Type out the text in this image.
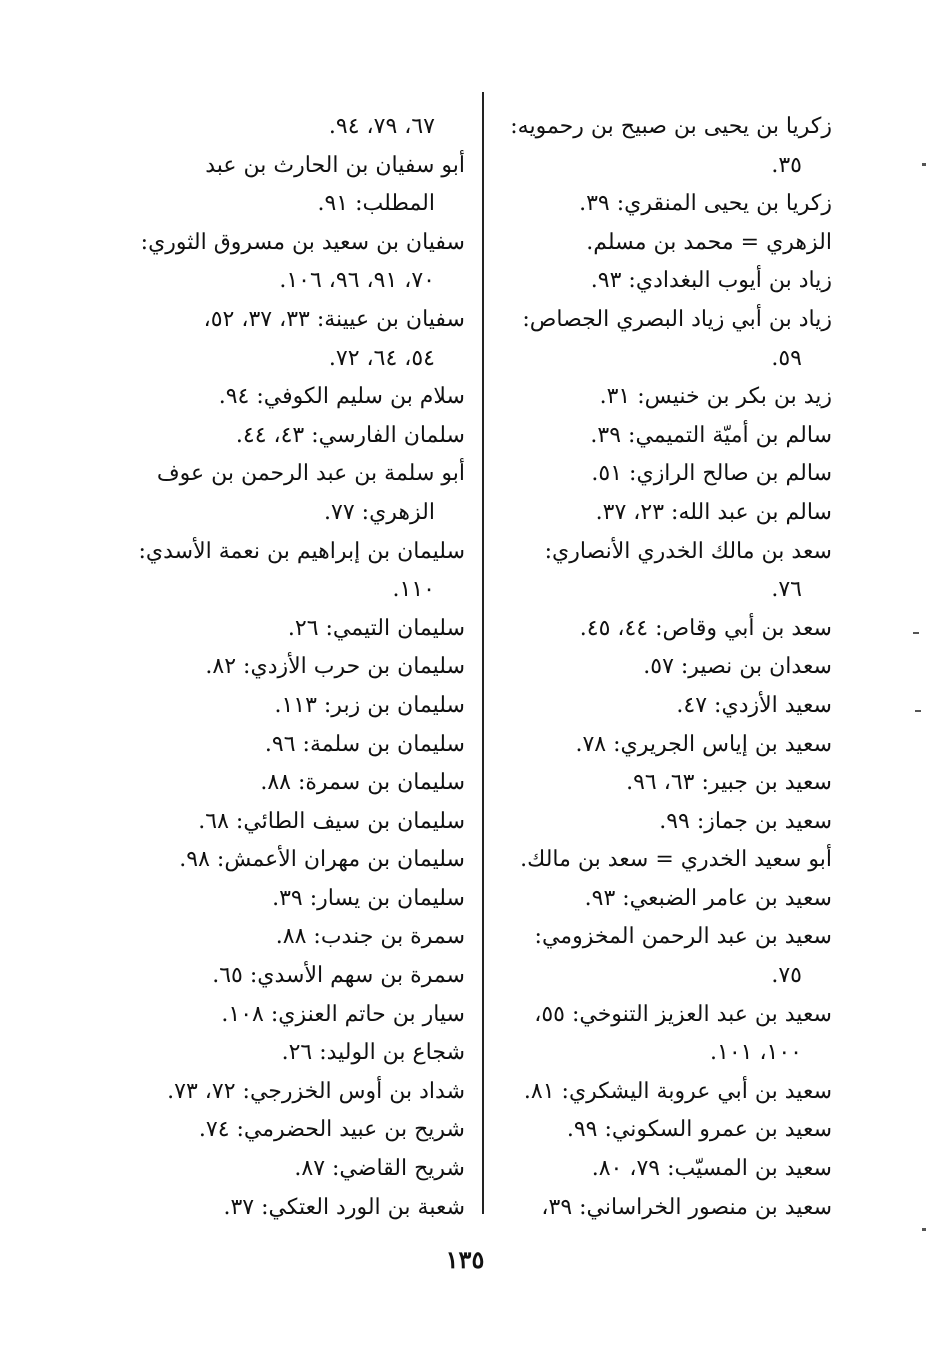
زكريا بن يحيى بن صبيح بن رحمويه:
٣٥.
زكريا بن يحيى المنقري: ٣٩.
الزهري = محمد بن مسلم.
زياد بن أيوب البغدادي: ٩٣.
زياد بن أبي زياد البصري الجصاص:
٥٩.
زيد بن بكر بن خنيس: ٣١.
سالم بن أميّة التميمي: ٣٩.
سالم بن صالح الرازي: ٥١.
سالم بن عبد الله: ٢٣، ٣٧.
سعد بن مالك الخدري الأنصاري:
٧٦.
سعد بن أبي وقاص: ٤٤، ٤٥.
سعدان بن نصير: ٥٧.
سعيد الأزدي: ٤٧.
سعيد بن إياس الجريري: ٧٨.
سعيد بن جبير: ٦٣، ٩٦.
سعيد بن جماز: ٩٩.
أبو سعيد الخدري = سعد بن مالك.
سعيد بن عامر الضبعي: ٩٣.
سعيد بن عبد الرحمن المخزومي:
٧٥.
سعيد بن عبد العزيز التنوخي: ٥٥،
١٠٠، ١٠١.
سعيد بن أبي عروبة اليشكري: ٨١.
سعيد بن عمرو السكوني: ٩٩.
سعيد بن المسيّب: ٧٩، ٨٠.
سعيد بن منصور الخراساني: ٣٩،
٦٧، ٧٩، ٩٤.
أبو سفيان بن الحارث بن عبد
المطلب: ٩١.
سفيان بن سعيد بن مسروق الثوري:
٧٠، ٩١، ٩٦، ١٠٦.
سفيان بن عيينة: ٣٣، ٣٧، ٥٢،
٥٤، ٦٤، ٧٢.
سلام بن سليم الكوفي: ٩٤.
سلمان الفارسي: ٤٣، ٤٤.
أبو سلمة بن عبد الرحمن بن عوف
الزهري: ٧٧.
سليمان بن إبراهيم بن نعمة الأسدي:
١١٠.
سليمان التيمي: ٢٦.
سليمان بن حرب الأزدي: ٨٢.
سليمان بن زبر: ١١٣.
سليمان بن سلمة: ٩٦.
سليمان بن سمرة: ٨٨.
سليمان بن سيف الطائي: ٦٨.
سليمان بن مهران الأعمش: ٩٨.
سليمان بن يسار: ٣٩.
سمرة بن جندب: ٨٨.
سمرة بن سهم الأسدي: ٦٥.
سيار بن حاتم العنزي: ١٠٨.
شجاع بن الوليد: ٢٦.
شداد بن أوس الخزرجي: ٧٢، ٧٣.
شريح بن عبيد الحضرمي: ٧٤.
شريح القاضي: ٨٧.
شعبة بن الورد العتكي: ٣٧.
١٣٥
